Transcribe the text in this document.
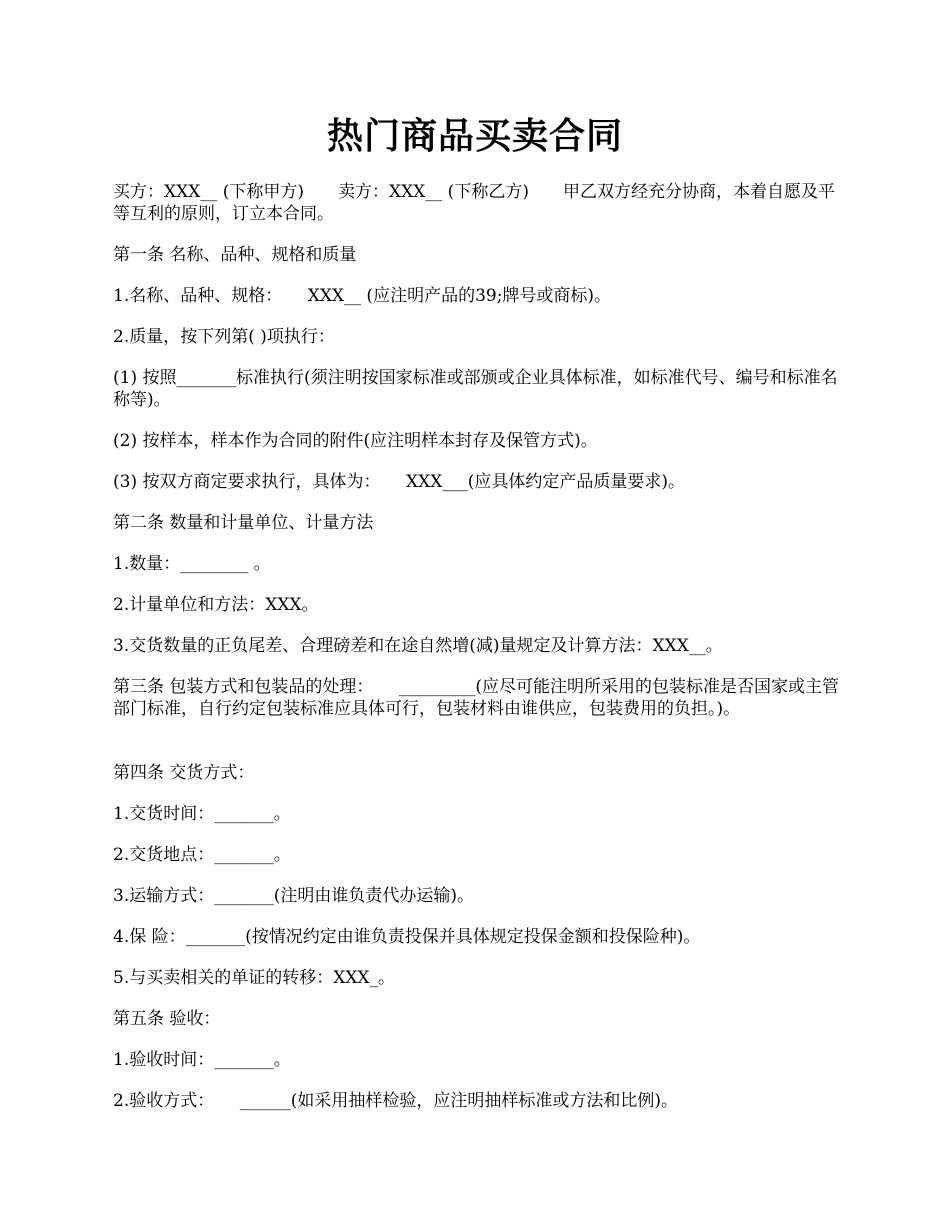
热门商品买卖合同

买方：XXX__ (下称甲方)　　卖方：XXX__ (下称乙方)　　甲乙双方经充分协商，本着自愿及平等互利的原则，订立本合同。

第一条 名称、品种、规格和质量

1.名称、品种、规格：　　XXX__ (应注明产品的39;牌号或商标)。

2.质量，按下列第( )项执行：

(1) 按照_______标准执行(须注明按国家标准或部颁或企业具体标准，如标准代号、编号和标准名称等)。

(2) 按样本，样本作为合同的附件(应注明样本封存及保管方式)。

(3) 按双方商定要求执行，具体为：　　XXX___(应具体约定产品质量要求)。

第二条 数量和计量单位、计量方法

1.数量：________ 。

2.计量单位和方法：XXX。

3.交货数量的正负尾差、合理磅差和在途自然增(减)量规定及计算方法：XXX__。

第三条 包装方式和包装品的处理：　　_________(应尽可能注明所采用的包装标准是否国家或主管部门标准，自行约定包装标准应具体可行，包装材料由谁供应，包装费用的负担。)。

第四条 交货方式：

1.交货时间：_______。

2.交货地点：_______。

3.运输方式：_______(注明由谁负责代办运输)。

4.保 险：_______(按情况约定由谁负责投保并具体规定投保金额和投保险种)。

5.与买卖相关的单证的转移：XXX_。

第五条 验收：

1.验收时间：_______。

2.验收方式：　　______(如采用抽样检验，应注明抽样标准或方法和比例)。
